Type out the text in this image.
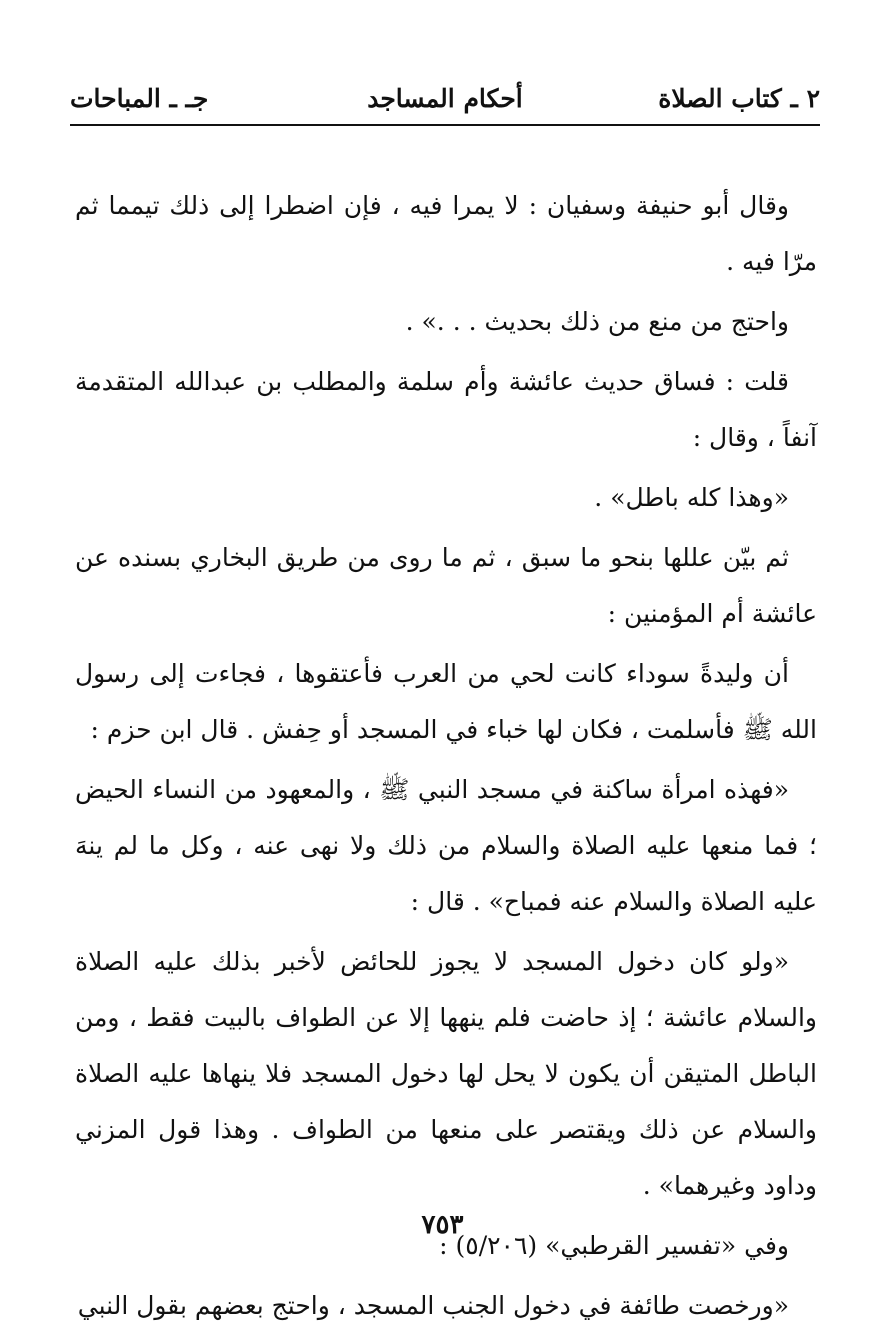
٢ ـ كتاب الصلاة
أحكام المساجد
جـ ـ المباحات

وقال أبو حنيفة وسفيان : لا يمرا فيه ، فإن اضطرا إلى ذلك تيمما ثم مرّا فيه .

واحتج من منع من ذلك بحديث . . .» .

قلت : فساق حديث عائشة وأم سلمة والمطلب بن عبدالله المتقدمة آنفاً ، وقال :

«وهذا كله باطل» .

ثم بيّن عللها بنحو ما سبق ، ثم ما روى من طريق البخاري بسنده عن عائشة أم المؤمنين :

أن وليدةً سوداء كانت لحي من العرب فأعتقوها ، فجاءت إلى رسول الله ﷺ فأسلمت ، فكان لها خباء في المسجد أو حِفش . قال ابن حزم :

«فهذه امرأة ساكنة في مسجد النبي ﷺ ، والمعهود من النساء الحيض ؛ فما منعها عليه الصلاة والسلام من ذلك ولا نهى عنه ، وكل ما لم ينهَ عليه الصلاة والسلام عنه فمباح» . قال :

«ولو كان دخول المسجد لا يجوز للحائض لأخبر بذلك عليه الصلاة والسلام عائشة ؛ إذ حاضت فلم ينهها إلا عن الطواف بالبيت فقط ، ومن الباطل المتيقن أن يكون لا يحل لها دخول المسجد فلا ينهاها عليه الصلاة والسلام عن ذلك ويقتصر على منعها من الطواف . وهذا قول المزني وداود وغيرهما» .

وفي «تفسير القرطبي» (٥/٢٠٦) :

«ورخصت طائفة في دخول الجنب المسجد ، واحتج بعضهم بقول النبي

٧٥٣
